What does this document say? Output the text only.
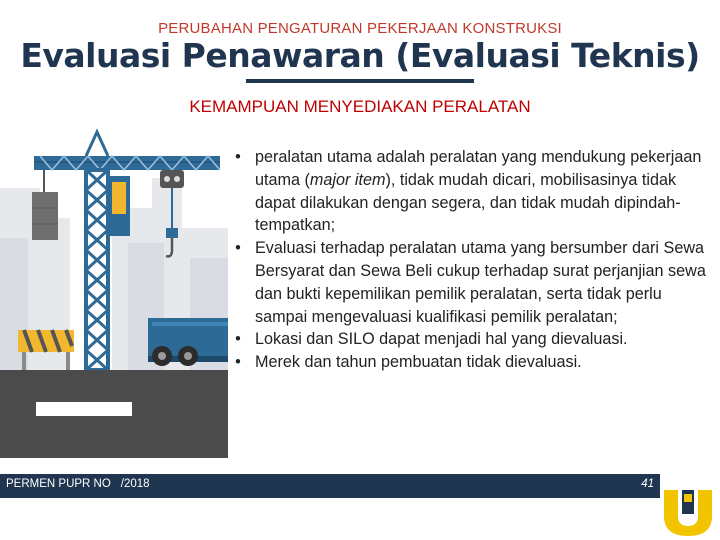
PERUBAHAN PENGATURAN PEKERJAAN KONSTRUKSI
Evaluasi Penawaran (Evaluasi Teknis)
KEMAMPUAN MENYEDIAKAN PERALATAN
• peralatan utama adalah peralatan yang mendukung pekerjaan utama (major item), tidak mudah dicari, mobilisasinya tidak dapat dilakukan dengan segera, dan tidak mudah dipindah-tempatkan;
• Evaluasi terhadap peralatan utama yang bersumber dari Sewa Bersyarat dan Sewa Beli cukup terhadap surat perjanjian sewa dan bukti kepemilikan pemilik peralatan, serta tidak perlu sampai mengevaluasi kualifikasi pemilik peralatan;
• Lokasi dan SILO dapat menjadi hal yang dievaluasi.
• Merek dan tahun pembuatan tidak dievaluasi.
PERMEN PUPR NO /2018	41
